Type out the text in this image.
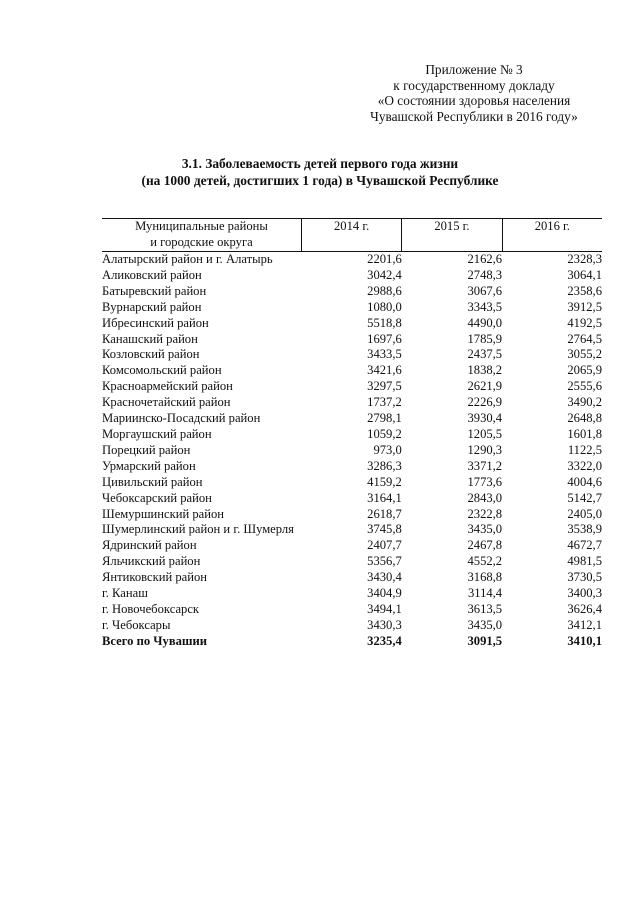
Приложение № 3
к государственному докладу
«О состоянии здоровья населения
Чувашской Республики в 2016 году»
3.1. Заболеваемость детей первого года жизни
(на 1000 детей, достигших 1 года) в Чувашской Республике
Муниципальные районы
и городские округа	2014 г.	2015 г.	2016 г.
Алатырский район и г. Алатырь	2201,6	2162,6	2328,3
Аликовский район	3042,4	2748,3	3064,1
Батыревский район	2988,6	3067,6	2358,6
Вурнарский район	1080,0	3343,5	3912,5
Ибресинский район	5518,8	4490,0	4192,5
Канашский район	1697,6	1785,9	2764,5
Козловский район	3433,5	2437,5	3055,2
Комсомольский район	3421,6	1838,2	2065,9
Красноармейский район	3297,5	2621,9	2555,6
Красночетайский район	1737,2	2226,9	3490,2
Мариинско-Посадский район	2798,1	3930,4	2648,8
Моргаушский район	1059,2	1205,5	1601,8
Порецкий район	973,0	1290,3	1122,5
Урмарский район	3286,3	3371,2	3322,0
Цивильский район	4159,2	1773,6	4004,6
Чебоксарский район	3164,1	2843,0	5142,7
Шемуршинский район	2618,7	2322,8	2405,0
Шумерлинский район и г. Шумерля	3745,8	3435,0	3538,9
Ядринский район	2407,7	2467,8	4672,7
Яльчикский район	5356,7	4552,2	4981,5
Янтиковский район	3430,4	3168,8	3730,5
г. Канаш	3404,9	3114,4	3400,3
г. Новочебоксарск	3494,1	3613,5	3626,4
г. Чебоксары	3430,3	3435,0	3412,1
Всего по Чувашии	3235,4	3091,5	3410,1
